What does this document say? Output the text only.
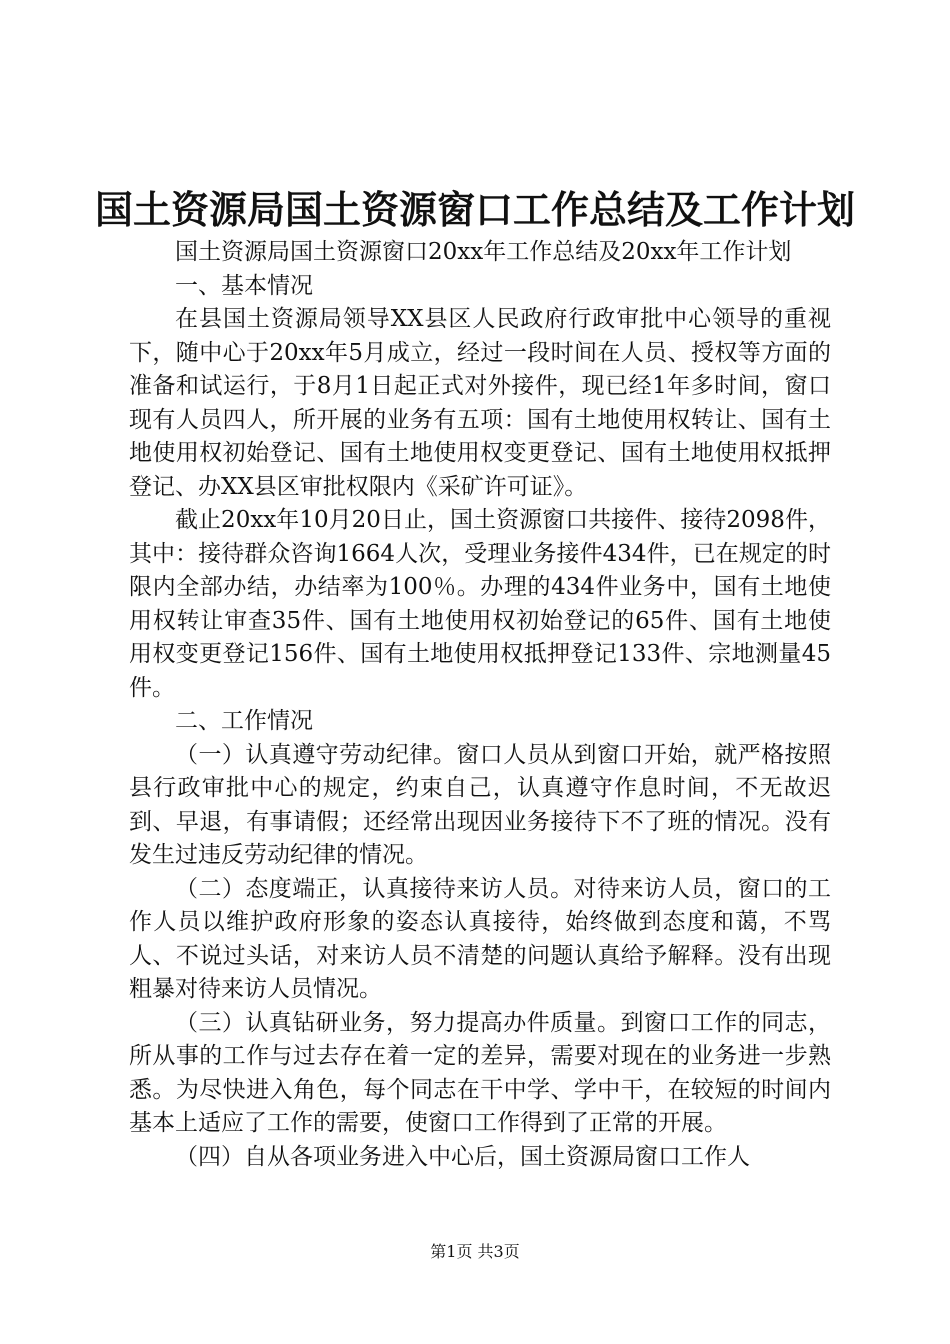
国土资源局国土资源窗口工作总结及工作计划

国土资源局国土资源窗口20xx年工作总结及20xx年工作计划

一、基本情况

在县国土资源局领导XX县区人民政府行政审批中心领导的重视下，随中心于20xx年5月成立，经过一段时间在人员、授权等方面的准备和试运行，于8月1日起正式对外接件，现已经1年多时间，窗口现有人员四人，所开展的业务有五项：国有土地使用权转让、国有土地使用权初始登记、国有土地使用权变更登记、国有土地使用权抵押登记、办XX县区审批权限内《采矿许可证》。

截止20xx年10月20日止，国土资源窗口共接件、接待2098件，其中：接待群众咨询1664人次，受理业务接件434件，已在规定的时限内全部办结，办结率为100％。办理的434件业务中，国有土地使用权转让审查35件、国有土地使用权初始登记的65件、国有土地使用权变更登记156件、国有土地使用权抵押登记133件、宗地测量45件。

二、工作情况

（一）认真遵守劳动纪律。窗口人员从到窗口开始，就严格按照县行政审批中心的规定，约束自己，认真遵守作息时间，不无故迟到、早退，有事请假；还经常出现因业务接待下不了班的情况。没有发生过违反劳动纪律的情况。

（二）态度端正，认真接待来访人员。对待来访人员，窗口的工作人员以维护政府形象的姿态认真接待，始终做到态度和蔼，不骂人、不说过头话，对来访人员不清楚的问题认真给予解释。没有出现粗暴对待来访人员情况。

（三）认真钻研业务，努力提高办件质量。到窗口工作的同志，所从事的工作与过去存在着一定的差异，需要对现在的业务进一步熟悉。为尽快进入角色，每个同志在干中学、学中干，在较短的时间内基本上适应了工作的需要，使窗口工作得到了正常的开展。

（四）自从各项业务进入中心后，国土资源局窗口工作人

第1页 共3页
